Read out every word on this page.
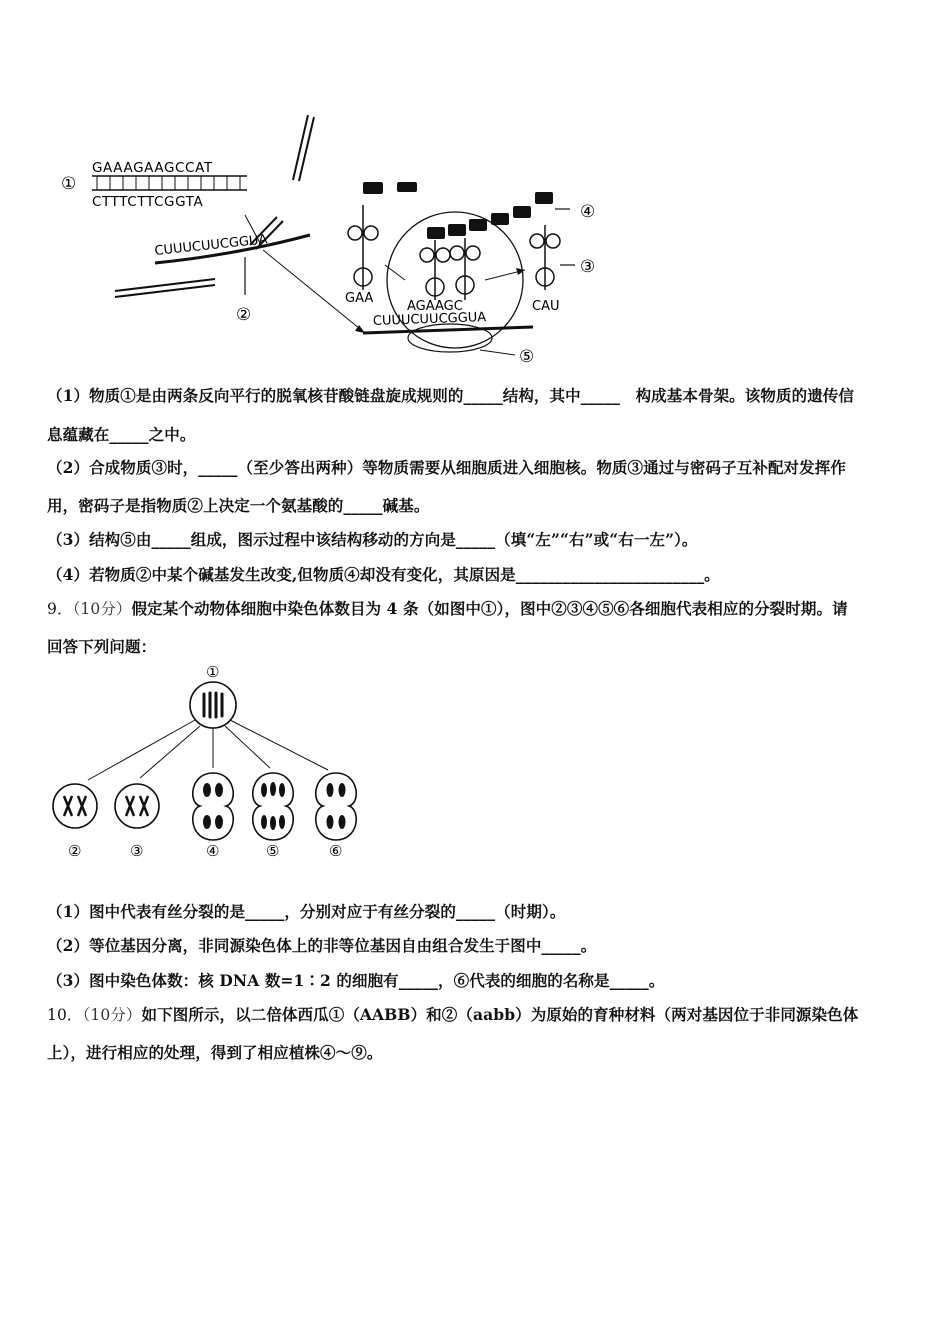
①
GAAAGAAGCCAT
CTTTCTTCGGTA
CUUUCUUCGGUA
②
④
GAA
AGAAGC	CAU
③
CUUUCUUCGGUA
⑤
（1）物质①是由两条反向平行的脱氧核苷酸链盘旋成规则的_____结构，其中_____　构成基本骨架。该物质的遗传信
息蕴藏在_____之中。
（2）合成物质③时，_____（至少答出两种）等物质需要从细胞质进入细胞核。物质③通过与密码子互补配对发挥作
用，密码子是指物质②上决定一个氨基酸的_____碱基。
（3）结构⑤由_____组成，图示过程中该结构移动的方向是_____（填“左”“右”或“右一左”）。
（4）若物质②中某个碱基发生改变,但物质④却没有变化，其原因是________________________。
9．（10分）假定某个动物体细胞中染色体数目为 4 条（如图中①），图中②③④⑤⑥各细胞代表相应的分裂时期。请
回答下列问题：
①
②	③	④	⑤	⑥
（1）图中代表有丝分裂的是_____，分别对应于有丝分裂的_____（时期）。
（2）等位基因分离，非同源染色体上的非等位基因自由组合发生于图中_____。
（3）图中染色体数：核 DNA 数=1∶2 的细胞有_____，⑥代表的细胞的名称是_____。
10．（10分）如下图所示，以二倍体西瓜①（AABB）和②（aabb）为原始的育种材料（两对基因位于非同源染色体
上），进行相应的处理，得到了相应植株④～⑨。
